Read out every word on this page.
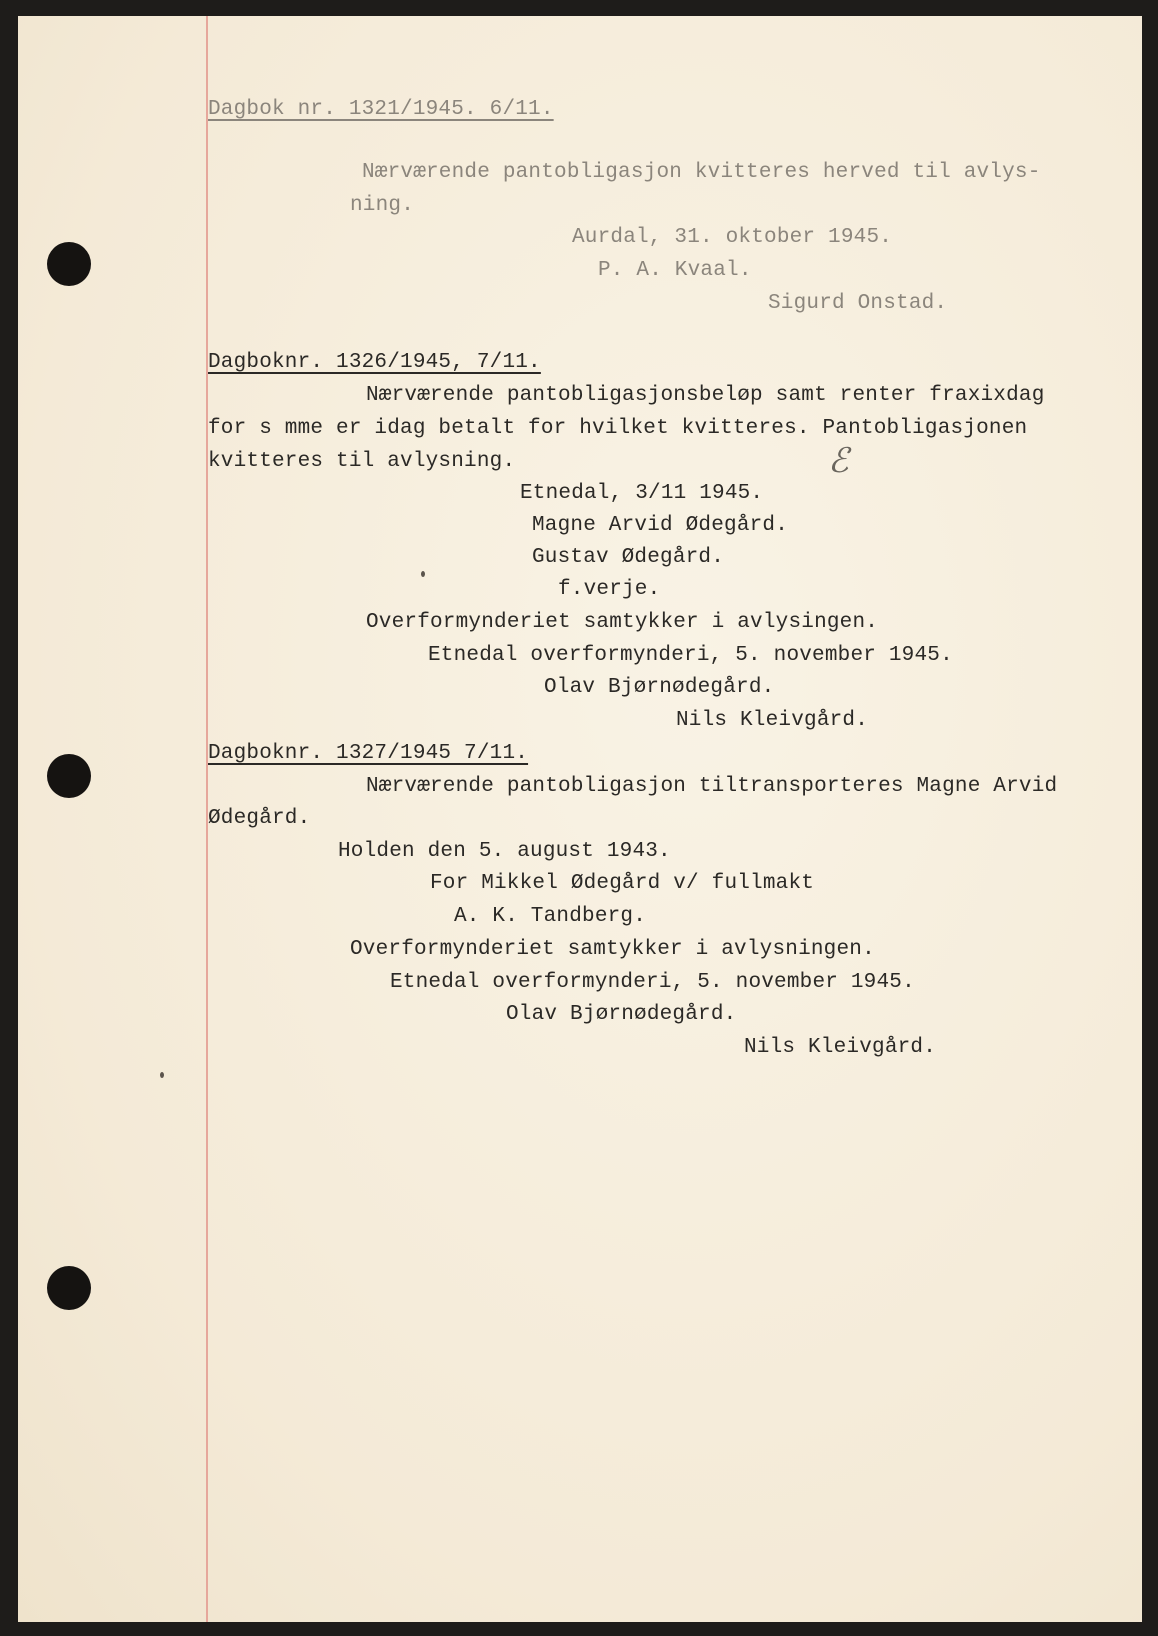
Dagbok nr. 1321/1945. 6/11.
Nærværende pantobligasjon kvitteres herved til avlys-
ning.
Aurdal, 31. oktober 1945.
P. A. Kvaal.
Sigurd Onstad.
Dagboknr. 1326/1945, 7/11.
Nærværende pantobligasjonsbeløp samt renter fraxixdag
for s mme er idag betalt for hvilket kvitteres. Pantobligasjonen
kvitteres til avlysning.
Etnedal, 3/11 1945.
Magne Arvid Ødegård.
Gustav Ødegård.
f.verje.
Overformynderiet samtykker i avlysingen.
Etnedal overformynderi, 5. november 1945.
Olav Bjørnødegård.
Nils Kleivgård.
ℰ
Dagboknr. 1327/1945 7/11.
Nærværende pantobligasjon tiltransporteres Magne Arvid
Ødegård.
Holden den 5. august 1943.
For Mikkel Ødegård v/ fullmakt
A. K. Tandberg.
Overformynderiet samtykker i avlysningen.
Etnedal overformynderi, 5. november 1945.
Olav Bjørnødegård.
Nils Kleivgård.
